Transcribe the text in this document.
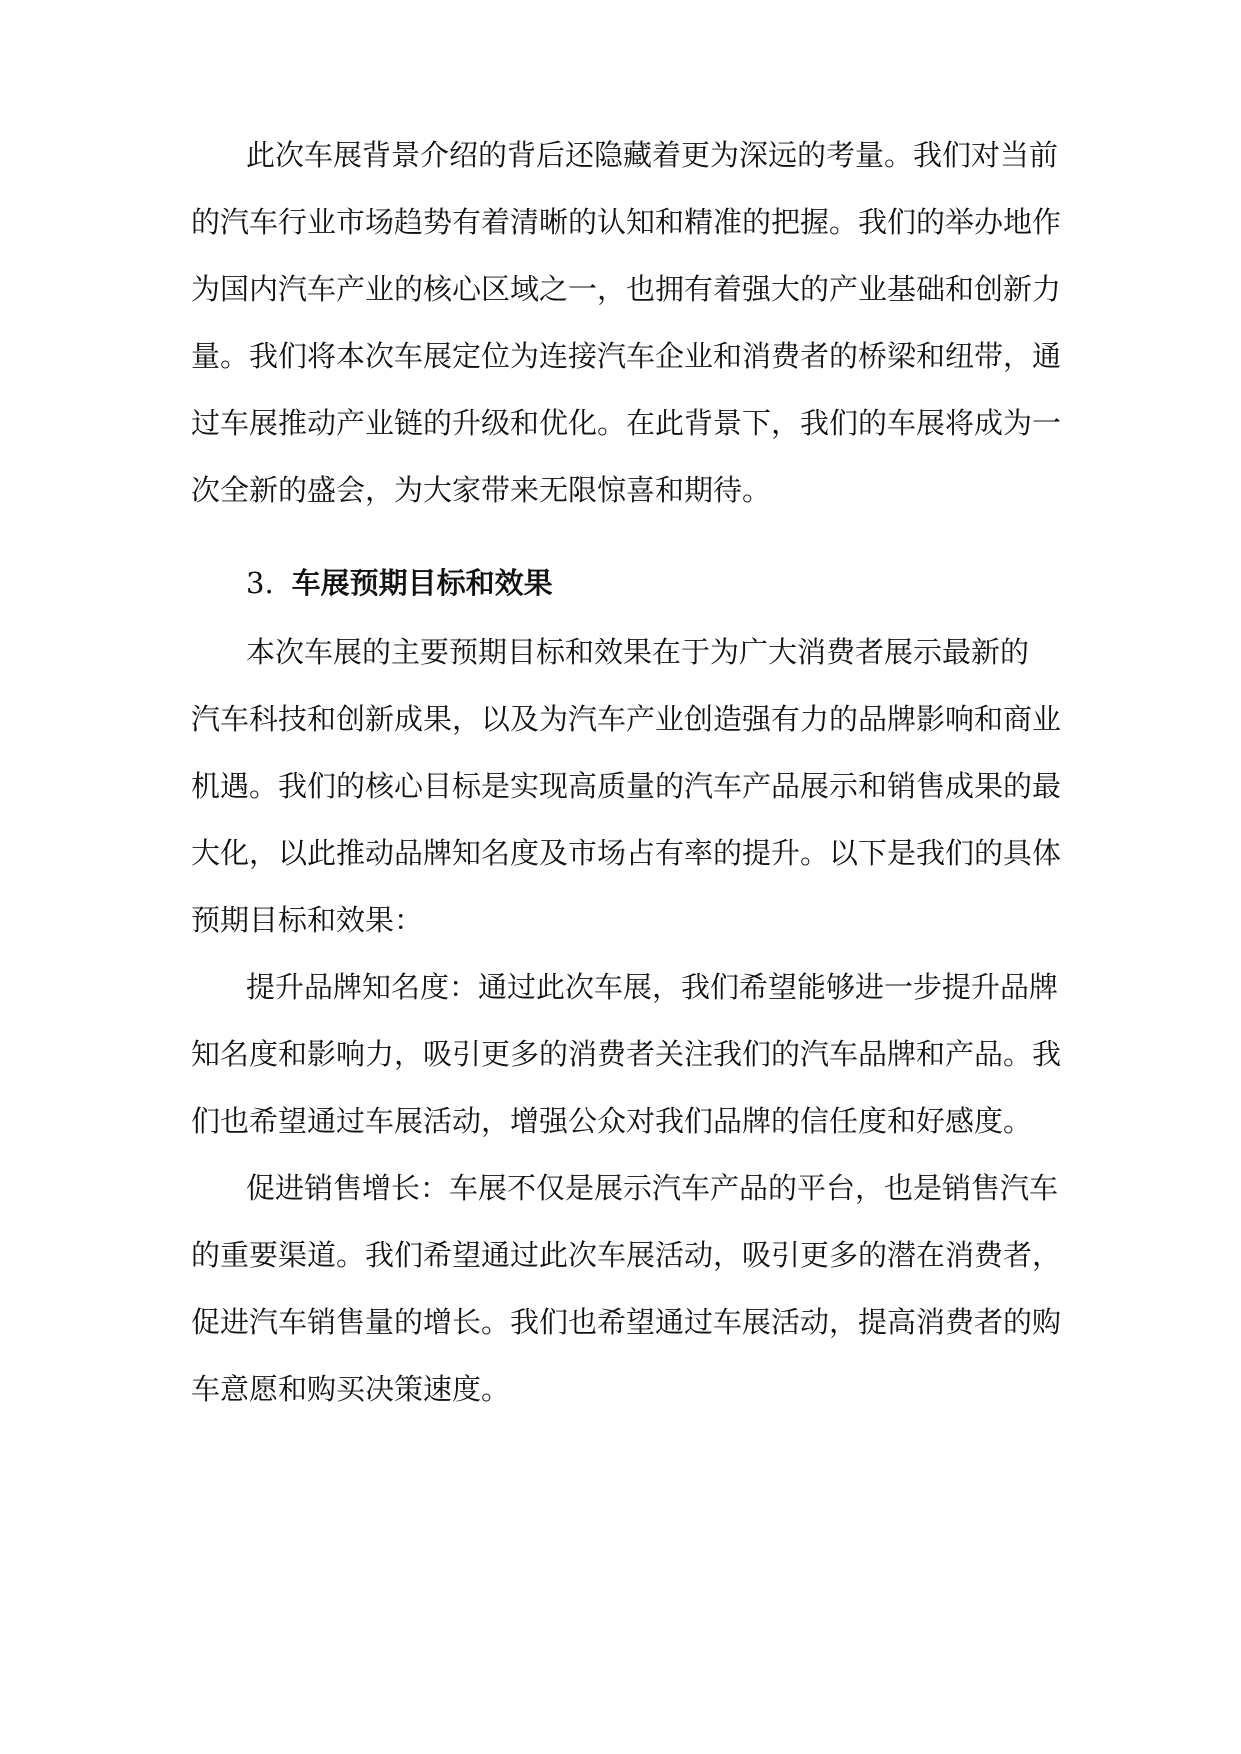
此次车展背景介绍的背后还隐藏着更为深远的考量。我们对当前
的汽车行业市场趋势有着清晰的认知和精准的把握。我们的举办地作
为国内汽车产业的核心区域之一，也拥有着强大的产业基础和创新力
量。我们将本次车展定位为连接汽车企业和消费者的桥梁和纽带，通
过车展推动产业链的升级和优化。在此背景下，我们的车展将成为一
次全新的盛会，为大家带来无限惊喜和期待。
3. 车展预期目标和效果
本次车展的主要预期目标和效果在于为广大消费者展示最新的
汽车科技和创新成果，以及为汽车产业创造强有力的品牌影响和商业
机遇。我们的核心目标是实现高质量的汽车产品展示和销售成果的最
大化，以此推动品牌知名度及市场占有率的提升。以下是我们的具体
预期目标和效果：
提升品牌知名度：通过此次车展，我们希望能够进一步提升品牌
知名度和影响力，吸引更多的消费者关注我们的汽车品牌和产品。我
们也希望通过车展活动，增强公众对我们品牌的信任度和好感度。
促进销售增长：车展不仅是展示汽车产品的平台，也是销售汽车
的重要渠道。我们希望通过此次车展活动，吸引更多的潜在消费者，
促进汽车销售量的增长。我们也希望通过车展活动，提高消费者的购
车意愿和购买决策速度。
